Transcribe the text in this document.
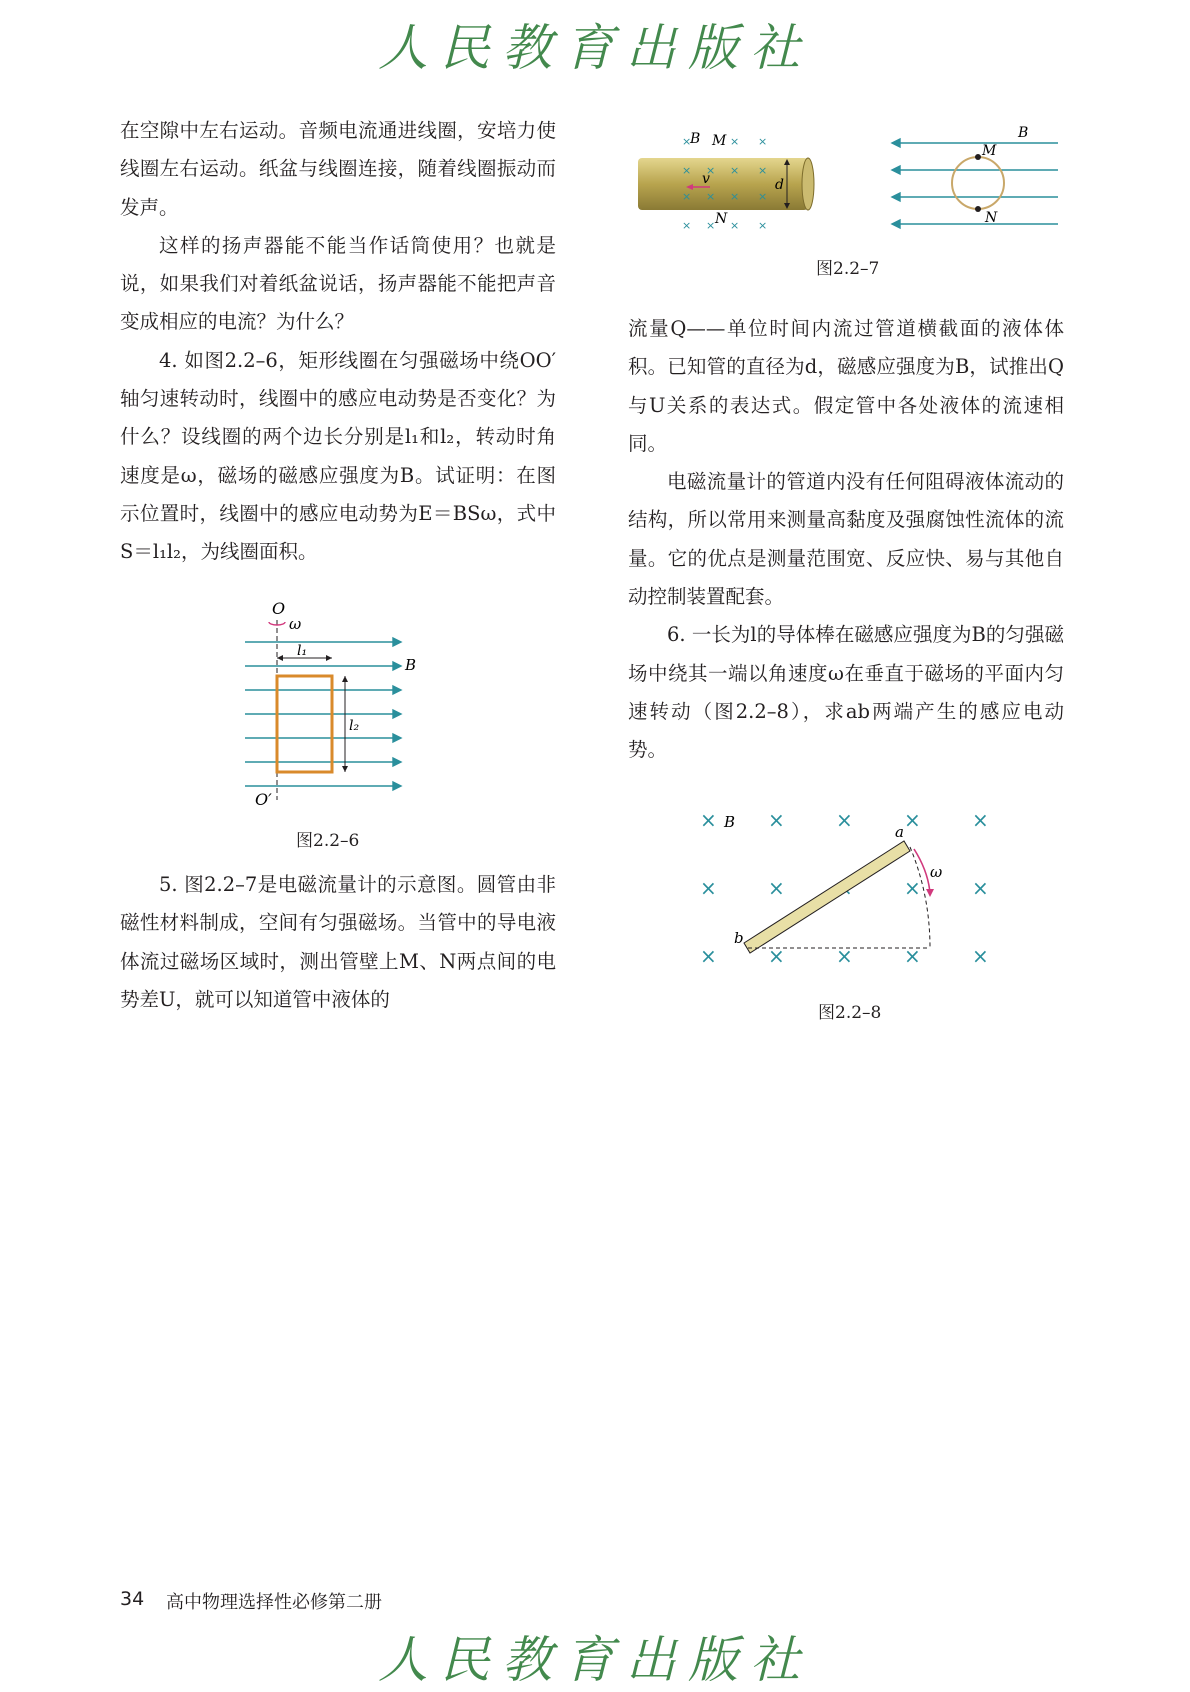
人民教育出版社

在空隙中左右运动。音频电流通进线圈，安培力使线圈左右运动。纸盆与线圈连接，随着线圈振动而发声。

这样的扬声器能不能当作话筒使用？也就是说，如果我们对着纸盆说话，扬声器能不能把声音变成相应的电流？为什么？

4. 如图2.2–6，矩形线圈在匀强磁场中绕OO′轴匀速转动时，线圈中的感应电动势是否变化？为什么？设线圈的两个边长分别是l₁和l₂，转动时角速度是ω，磁场的磁感应强度为B。试证明：在图示位置时，线圈中的感应电动势为E＝BSω，式中S＝l₁l₂，为线圈面积。

O
ω
l₁
l₂
B
O′
图2.2–6

5. 图2.2–7是电磁流量计的示意图。圆管由非磁性材料制成，空间有匀强磁场。当管中的导电液体流过磁场区域时，测出管壁上M、N两点间的电势差U，就可以知道管中液体的

×	× ×
× × × ×
× × × ×
× × × ×
B M
v	d
N
B
M
N
图2.2–7

流量Q——单位时间内流过管道横截面的液体体积。已知管的直径为d，磁感应强度为B，试推出Q与U关系的表达式。假定管中各处液体的流速相同。

电磁流量计的管道内没有任何阻碍液体流动的结构，所以常用来测量高黏度及强腐蚀性流体的流量。它的优点是测量范围宽、反应快、易与其他自动控制装置配套。

6. 一长为l的导体棒在磁感应强度为B的匀强磁场中绕其一端以角速度ω在垂直于磁场的平面内匀速转动（图2.2–8），求ab两端产生的感应电动势。

×	×	×	×	×
×	×	×	×
×	×	×	×	×
B
a
ω
b
图2.2–8
34 高中物理选择性必修第二册
人民教育出版社
